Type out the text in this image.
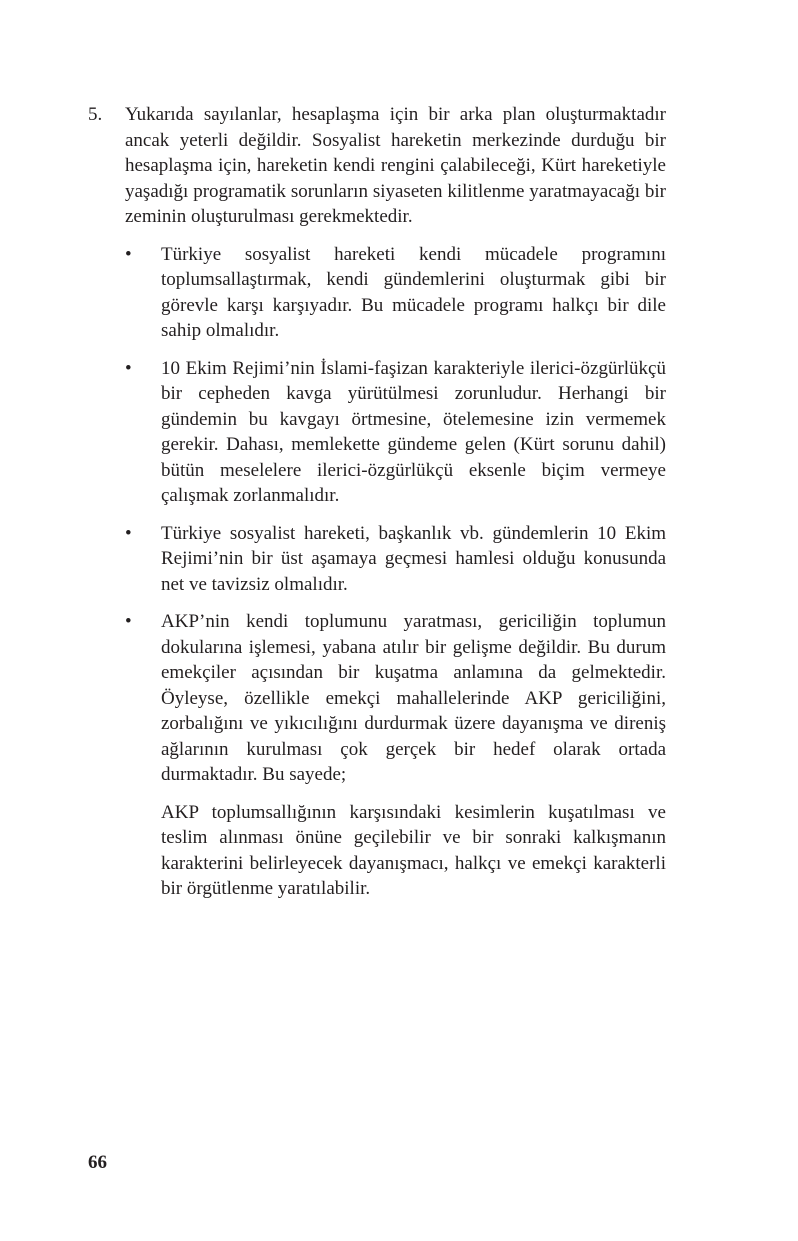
5.	Yukarıda sayılanlar, hesaplaşma için bir arka plan oluşturmaktadır ancak yeterli değildir. Sosyalist hareketin merkezinde durduğu bir hesaplaşma için, hareketin kendi rengini çalabileceği, Kürt hareketiyle yaşadığı programatik sorunların siyaseten kilitlenme yaratmayacağı bir zeminin oluşturulması gerekmektedir.

•	Türkiye sosyalist hareketi kendi mücadele programını toplumsallaştırmak, kendi gündemlerini oluşturmak gibi bir görevle karşı karşıyadır. Bu mücadele programı halkçı bir dile sahip olmalıdır.

•	10 Ekim Rejimi’nin İslami-faşizan karakteriyle ilerici-özgürlükçü bir cepheden kavga yürütülmesi zorunludur. Herhangi bir gündemin bu kavgayı örtmesine, ötelemesine izin vermemek gerekir. Dahası, memlekette gündeme gelen (Kürt sorunu dahil) bütün meselelere ilerici-özgürlükçü eksenle biçim vermeye çalışmak zorlanmalıdır.

•	Türkiye sosyalist hareketi, başkanlık vb. gündemlerin 10 Ekim Rejimi’nin bir üst aşamaya geçmesi hamlesi olduğu konusunda net ve tavizsiz olmalıdır.

•	AKP’nin kendi toplumunu yaratması, gericiliğin toplumun dokularına işlemesi, yabana atılır bir gelişme değildir. Bu durum emekçiler açısından bir kuşatma anlamına da gelmektedir. Öyleyse, özellikle emekçi mahallelerinde AKP gericiliğini, zorbalığını ve yıkıcılığını durdurmak üzere dayanışma ve direniş ağlarının kurulması çok gerçek bir hedef olarak ortada durmaktadır. Bu sayede;

AKP toplumsallığının karşısındaki kesimlerin kuşatılması ve teslim alınması önüne geçilebilir ve bir sonraki kalkışmanın karakterini belirleyecek dayanışmacı, halkçı ve emekçi karakterli bir örgütlenme yaratılabilir.

66
